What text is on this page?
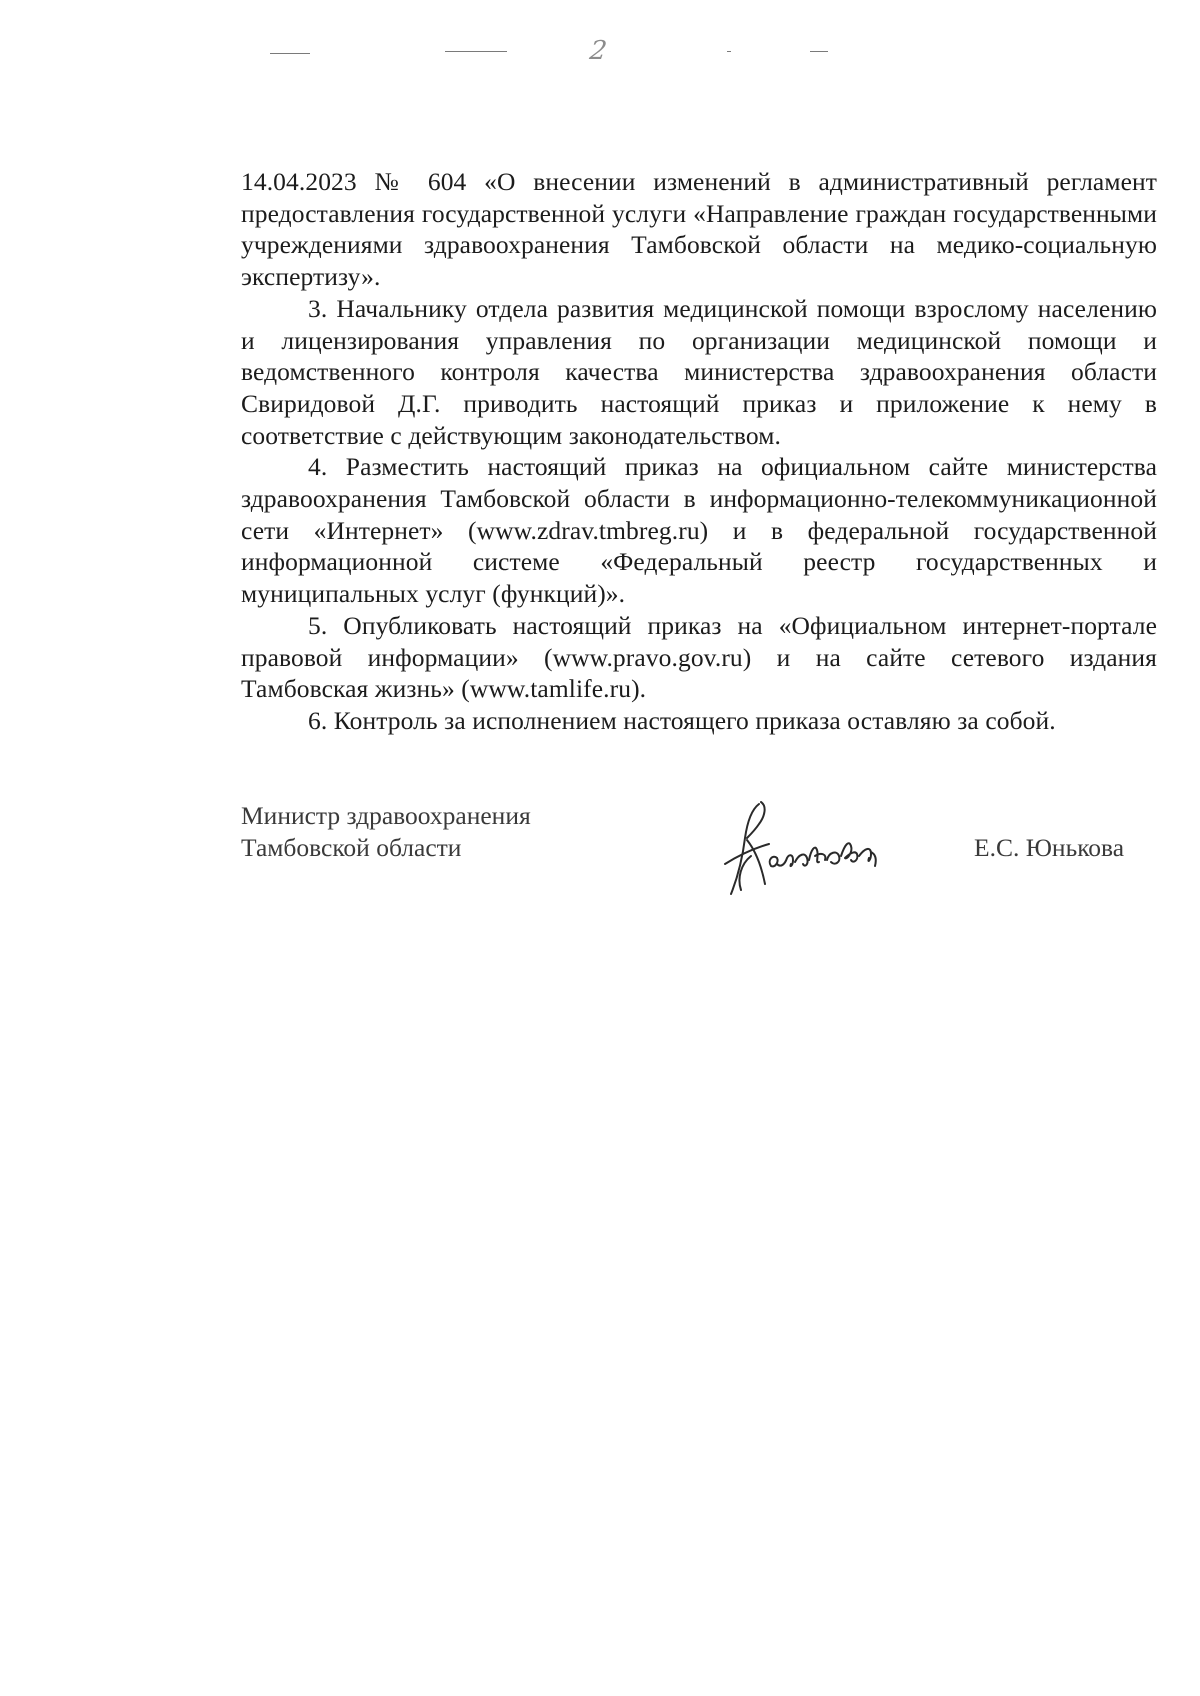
2

14.04.2023 № 604 «О внесении изменений в административный регламент предоставления государственной услуги «Направление граждан государственными учреждениями здравоохранения Тамбовской области на медико-социальную экспертизу».

3. Начальнику отдела развития медицинской помощи взрослому населению и лицензирования управления по организации медицинской помощи и ведомственного контроля качества министерства здравоохранения области Свиридовой Д.Г. приводить настоящий приказ и приложение к нему в соответствие с действующим законодательством.

4. Разместить настоящий приказ на официальном сайте министерства здравоохранения Тамбовской области в информационно-телекоммуникационной сети «Интернет» (www.zdrav.tmbreg.ru) и в федеральной государственной информационной системе «Федеральный реестр государственных и муниципальных услуг (функций)».

5. Опубликовать настоящий приказ на «Официальном интернет-портале правовой информации» (www.pravo.gov.ru) и на сайте сетевого издания Тамбовская жизнь» (www.tamlife.ru).

6. Контроль за исполнением настоящего приказа оставляю за собой.

Министр здравоохранения
Тамбовской области	Е.С. Юнькова
